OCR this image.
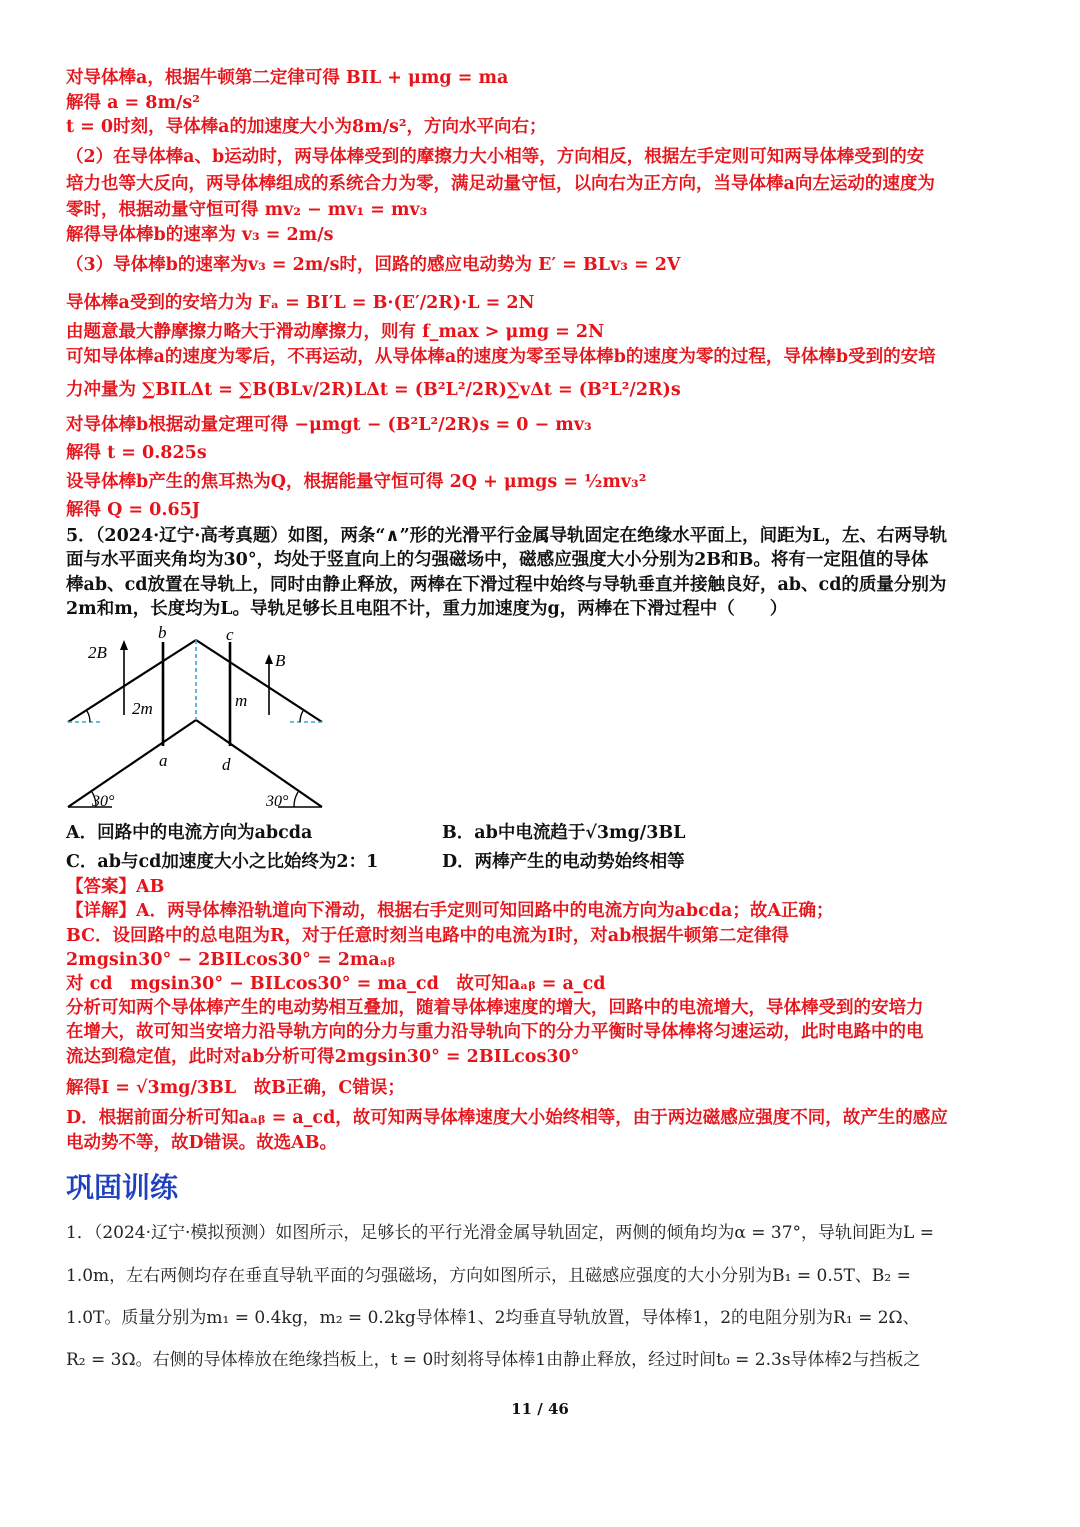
对导体棒a，根据牛顿第二定律可得 BIL + μmg = ma
解得 a = 8m/s²
t = 0时刻，导体棒a的加速度大小为8m/s²，方向水平向右；
（2）在导体棒a、b运动时，两导体棒受到的摩擦力大小相等，方向相反，根据左手定则可知两导体棒受到的安
培力也等大反向，两导体棒组成的系统合力为零，满足动量守恒，以向右为正方向，当导体棒a向左运动的速度为
零时，根据动量守恒可得 mv₂ − mv₁ = mv₃
解得导体棒b的速率为 v₃ = 2m/s
（3）导体棒b的速率为v₃ = 2m/s时，回路的感应电动势为 E′ = BLv₃ = 2V
导体棒a受到的安培力为 Fₐ = BI′L = B·(E′/2R)·L = 2N
由题意最大静摩擦力略大于滑动摩擦力，则有 f_max > μmg = 2N
可知导体棒a的速度为零后，不再运动，从导体棒a的速度为零至导体棒b的速度为零的过程，导体棒b受到的安培
力冲量为 ∑BILΔt = ∑B(BLv/2R)LΔt = (B²L²/2R)∑vΔt = (B²L²/2R)s
对导体棒b根据动量定理可得 −μmgt − (B²L²/2R)s = 0 − mv₃
解得 t = 0.825s
设导体棒b产生的焦耳热为Q，根据能量守恒可得 2Q + μmgs = ½mv₃²
解得 Q = 0.65J
5．（2024·辽宁·高考真题）如图，两条“∧”形的光滑平行金属导轨固定在绝缘水平面上，间距为L，左、右两导轨
面与水平面夹角均为30°，均处于竖直向上的匀强磁场中，磁感应强度大小分别为2B和B。将有一定阻值的导体
棒ab、cd放置在导轨上，同时由静止释放，两棒在下滑过程中始终与导轨垂直并接触良好，ab、cd的质量分别为
2m和m，长度均为L。导轨足够长且电阻不计，重力加速度为g，两棒在下滑过程中（　　）
b	c
a	d
2B	B
2m	m
30°	30°
A．回路中的电流方向为abcda	B．ab中电流趋于√3mg/3BL
C．ab与cd加速度大小之比始终为2：1	D．两棒产生的电动势始终相等
【答案】AB
【详解】A．两导体棒沿轨道向下滑动，根据右手定则可知回路中的电流方向为abcda；故A正确；
BC．设回路中的总电阻为R，对于任意时刻当电路中的电流为I时，对ab根据牛顿第二定律得
2mgsin30° − 2BILcos30° = 2maₐᵦ
对 cd　mgsin30° − BILcos30° = ma_cd　故可知aₐᵦ = a_cd
分析可知两个导体棒产生的电动势相互叠加，随着导体棒速度的增大，回路中的电流增大，导体棒受到的安培力
在增大，故可知当安培力沿导轨方向的分力与重力沿导轨向下的分力平衡时导体棒将匀速运动，此时电路中的电
流达到稳定值，此时对ab分析可得2mgsin30° = 2BILcos30°
解得I = √3mg/3BL　故B正确，C错误；
D．根据前面分析可知aₐᵦ = a_cd，故可知两导体棒速度大小始终相等，由于两边磁感应强度不同，故产生的感应
电动势不等，故D错误。故选AB。
巩固训练
1．（2024·辽宁·模拟预测）如图所示，足够长的平行光滑金属导轨固定，两侧的倾角均为α = 37°，导轨间距为L =
1.0m，左右两侧均存在垂直导轨平面的匀强磁场，方向如图所示，且磁感应强度的大小分别为B₁ = 0.5T、B₂ =
1.0T。质量分别为m₁ = 0.4kg，m₂ = 0.2kg导体棒1、2均垂直导轨放置，导体棒1，2的电阻分别为R₁ = 2Ω、
R₂ = 3Ω。右侧的导体棒放在绝缘挡板上，t = 0时刻将导体棒1由静止释放，经过时间t₀ = 2.3s导体棒2与挡板之
11 / 46
